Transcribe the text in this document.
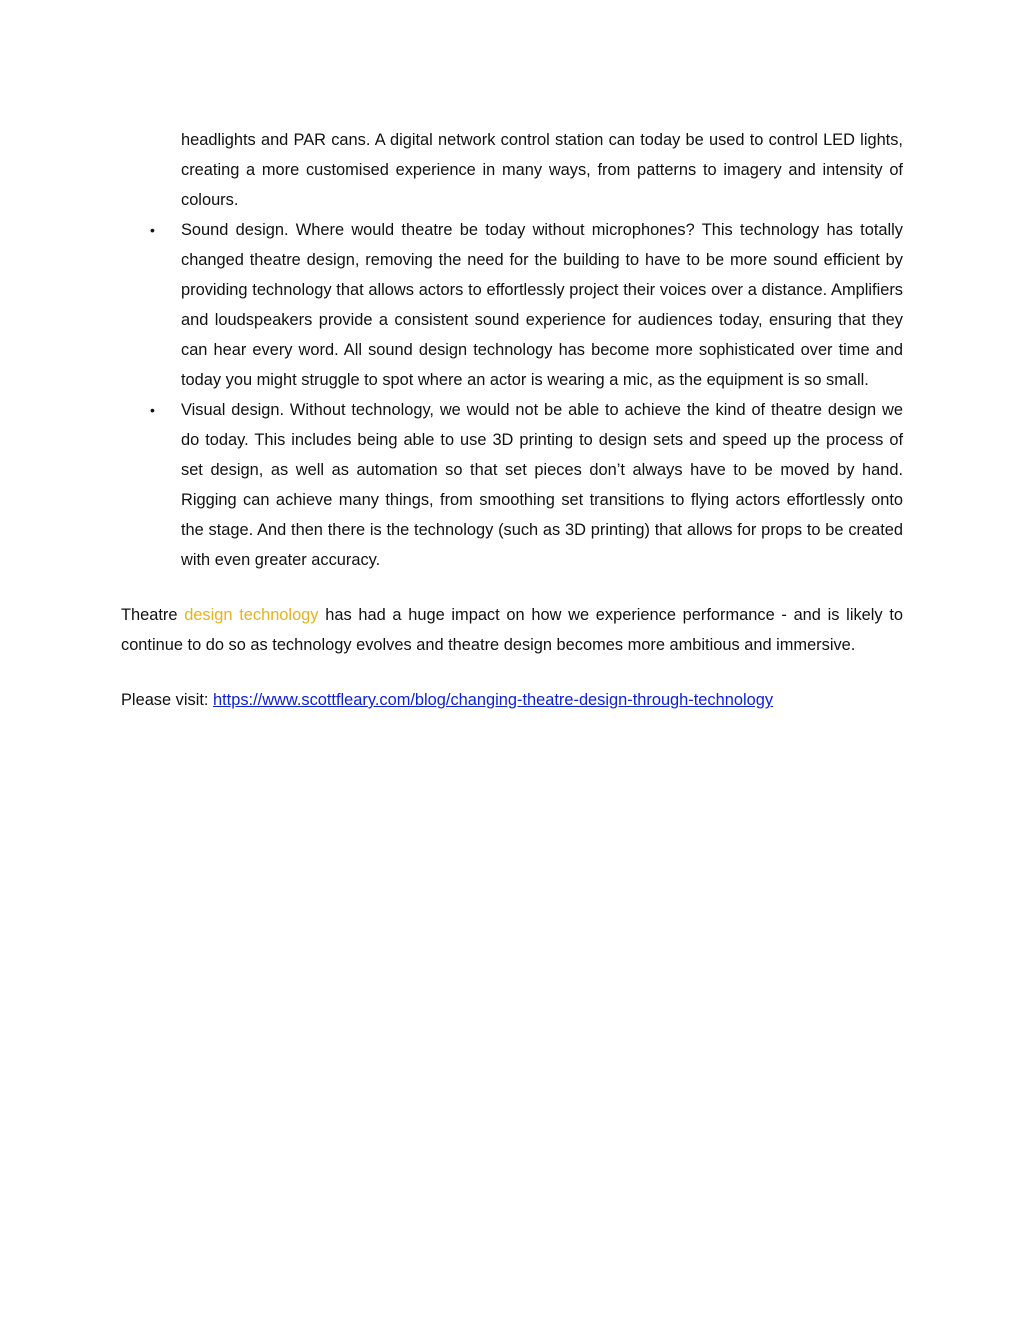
headlights and PAR cans. A digital network control station can today be used to control LED lights, creating a more customised experience in many ways, from patterns to imagery and intensity of colours.

• Sound design. Where would theatre be today without microphones? This technology has totally changed theatre design, removing the need for the building to have to be more sound efficient by providing technology that allows actors to effortlessly project their voices over a distance. Amplifiers and loudspeakers provide a consistent sound experience for audiences today, ensuring that they can hear every word. All sound design technology has become more sophisticated over time and today you might struggle to spot where an actor is wearing a mic, as the equipment is so small.
• Visual design. Without technology, we would not be able to achieve the kind of theatre design we do today. This includes being able to use 3D printing to design sets and speed up the process of set design, as well as automation so that set pieces don’t always have to be moved by hand. Rigging can achieve many things, from smoothing set transitions to flying actors effortlessly onto the stage. And then there is the technology (such as 3D printing) that allows for props to be created with even greater accuracy.

Theatre design technology has had a huge impact on how we experience performance - and is likely to continue to do so as technology evolves and theatre design becomes more ambitious and immersive.

Please visit: https://www.scottfleary.com/blog/changing-theatre-design-through-technology
